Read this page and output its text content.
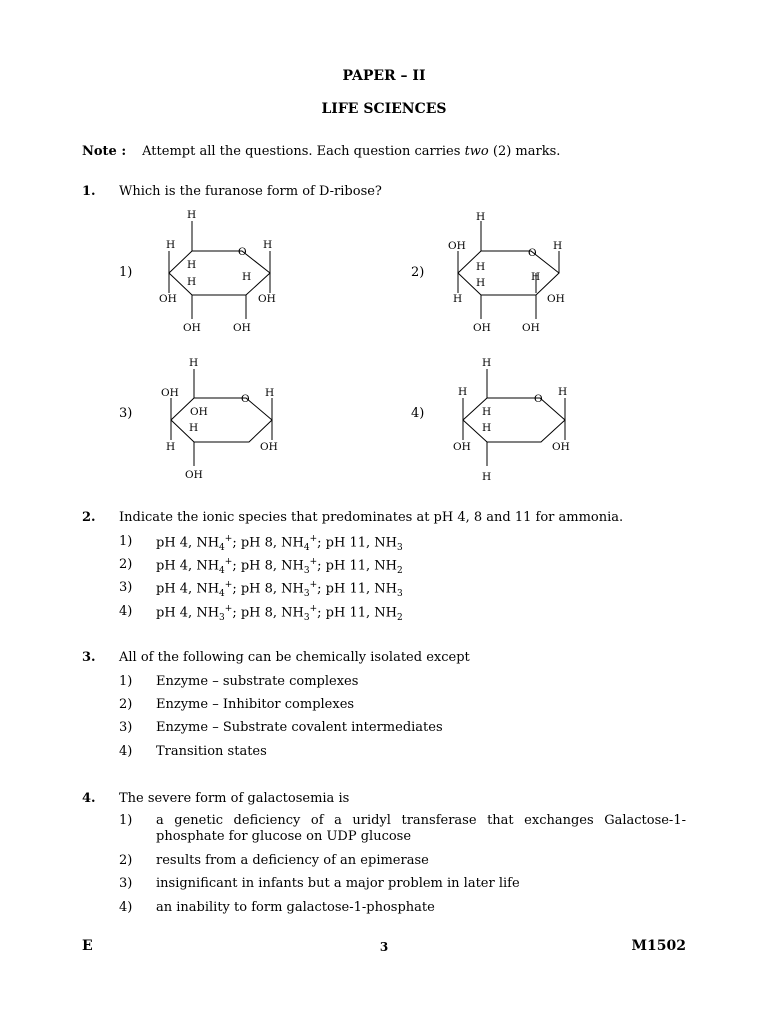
PAPER – II
LIFE SCIENCES
Note : Attempt all the questions. Each question carries two (2) marks.
1. Which is the furanose form of D-ribose?
1)	2)
3)	4)
H
H	H
O
H
H	H
OH	OH
OH	OH
H
OH	H
O
H
H	H
H	OH
OH	OH
H
OH	H
O
OH
H
H	OH
OH
H
H	H
O
H
H
OH	OH
H
2. Indicate the ionic species that predominates at pH 4, 8 and 11 for ammonia.
1) pH 4, $NH_4^+$; pH 8, $NH_4^+$; pH 11, $NH_3$
2) pH 4, $NH_4^+$; pH 8, $NH_3^+$; pH 11, $NH_2$
3) pH 4, $NH_4^+$; pH 8, $NH_3^+$; pH 11, $NH_3$
4) pH 4, $NH_3^+$; pH 8, $NH_3^+$; pH 11, $NH_2$
3. All of the following can be chemically isolated except
1) Enzyme – substrate complexes
2) Enzyme – Inhibitor complexes
3) Enzyme – Substrate covalent intermediates
4) Transition states
4. The severe form of galactosemia is
1) a genetic deficiency of a uridyl transferase that exchanges Galactose-1-phosphate for glucose on UDP glucose
2) results from a deficiency of an epimerase
3) insignificant in infants but a major problem in later life
4) an inability to form galactose-1-phosphate
E	3	M1502
